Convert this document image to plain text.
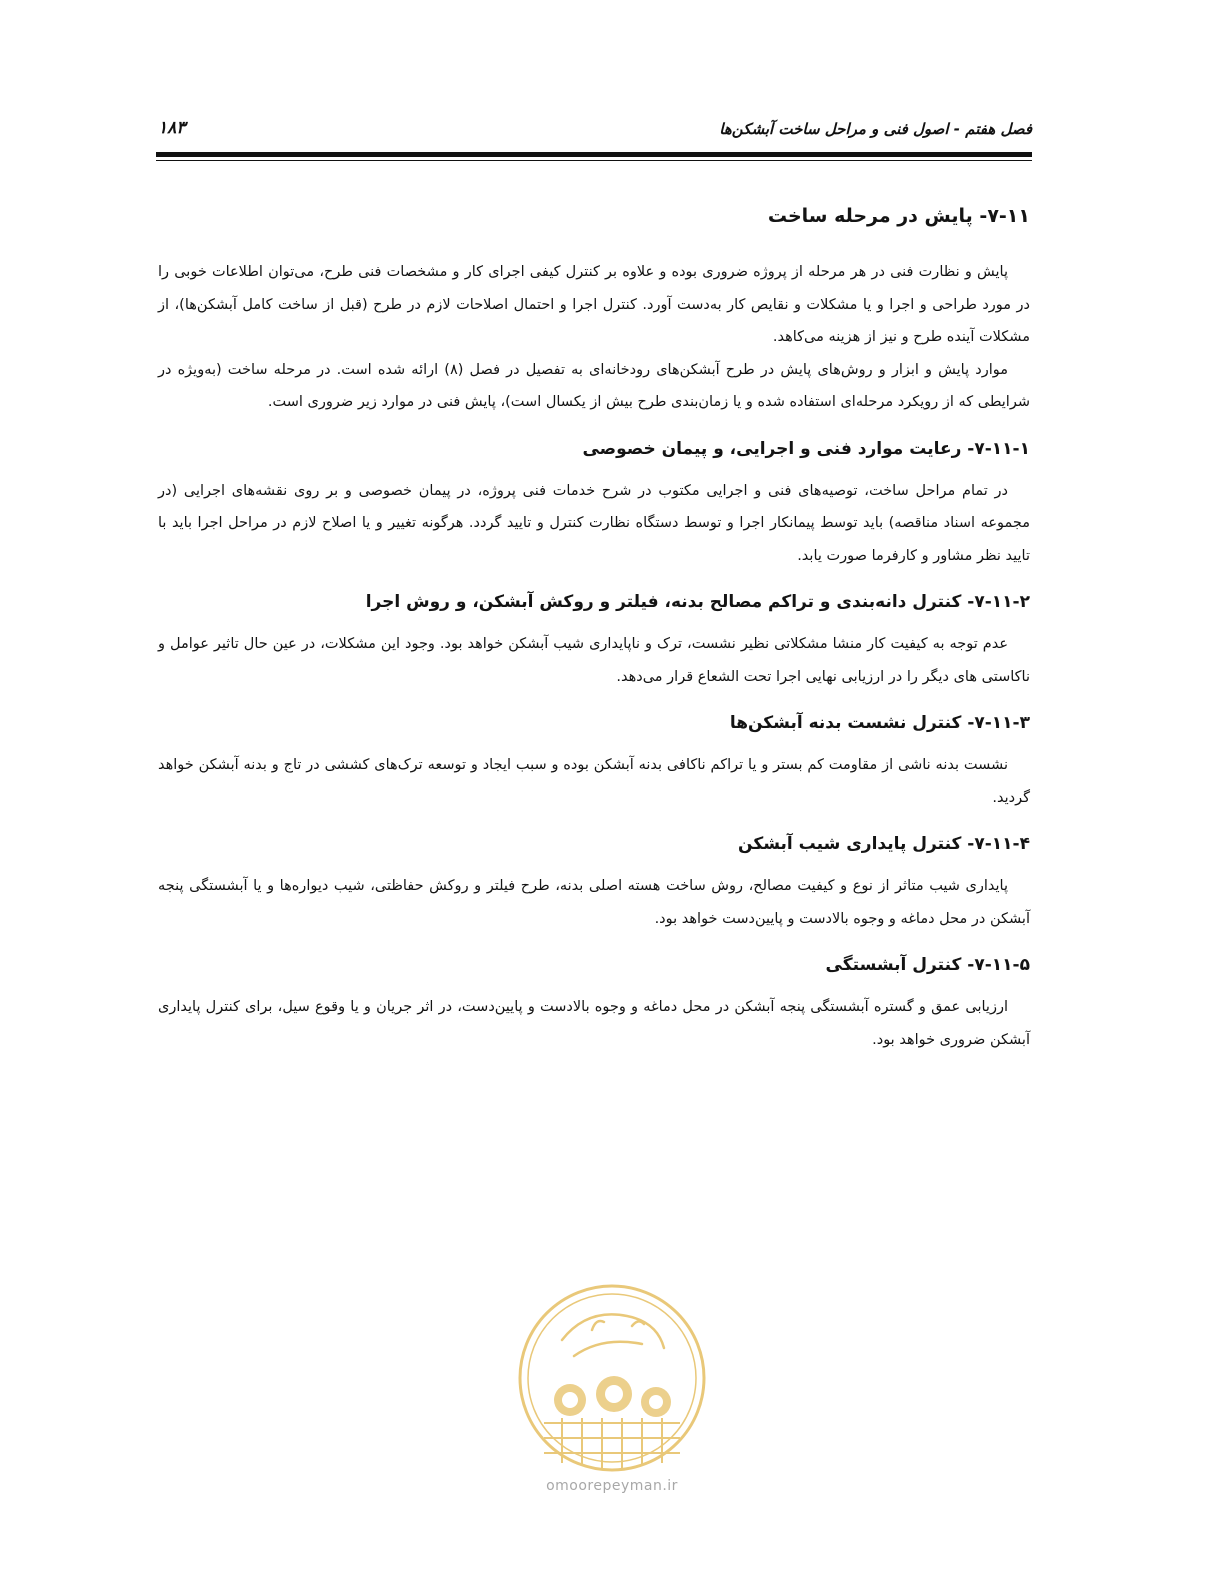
فصل هفتم - اصول فنی و مراحل ساخت آبشکن‌ها
۱۸۳
۷-۱۱- پایش در مرحله ساخت

پایش و نظارت فنی در هر مرحله از پروژه ضروری بوده و علاوه بر کنترل کیفی اجرای کار و مشخصات فنی طرح، می‌توان اطلاعات خوبی را در مورد طراحی و اجرا و یا مشکلات و نقایص کار به‌دست آورد. کنترل اجرا و احتمال اصلاحات لازم در طرح (قبل از ساخت کامل آبشکن‌ها)، از مشکلات آینده طرح و نیز از هزینه می‌کاهد.

موارد پایش و ابزار و روش‌های پایش در طرح آبشکن‌های رودخانه‌ای به تفصیل در فصل (۸) ارائه شده است. در مرحله ساخت (به‌ویژه در شرایطی که از رویکرد مرحله‌ای استفاده شده و یا زمان‌بندی طرح بیش از یکسال است)، پایش فنی در موارد زیر ضروری است.

۷-۱۱-۱- رعایت موارد فنی و اجرایی، و پیمان خصوصی

در تمام مراحل ساخت، توصیه‌های فنی و اجرایی مکتوب در شرح خدمات فنی پروژه، در پیمان خصوصی و بر روی نقشه‌های اجرایی (در مجموعه اسناد مناقصه) باید توسط پیمانکار اجرا و توسط دستگاه نظارت کنترل و تایید گردد. هرگونه تغییر و یا اصلاح لازم در مراحل اجرا باید با تایید نظر مشاور و کارفرما صورت یابد.

۷-۱۱-۲- کنترل دانه‌بندی و تراکم مصالح بدنه، فیلتر و روکش آبشکن، و روش اجرا

عدم توجه به کیفیت کار منشا مشکلاتی نظیر نشست، ترک و ناپایداری شیب آبشکن خواهد بود. وجود این مشکلات، در عین حال تاثیر عوامل و ناکاستی های دیگر را در ارزیابی نهایی اجرا تحت الشعاع قرار می‌دهد.

۷-۱۱-۳- کنترل نشست بدنه آبشکن‌ها

نشست بدنه ناشی از مقاومت کم بستر و یا تراکم ناکافی بدنه آبشکن بوده و سبب ایجاد و توسعه ترک‌های کششی در تاج و بدنه آبشکن خواهد گردید.

۷-۱۱-۴- کنترل پایداری شیب آبشکن

پایداری شیب متاثر از نوع و کیفیت مصالح، روش ساخت هسته اصلی بدنه، طرح فیلتر و روکش حفاظتی، شیب دیواره‌ها و یا آبشستگی پنجه آبشکن در محل دماغه و وجوه بالادست و پایین‌دست خواهد بود.

۷-۱۱-۵- کنترل آبشستگی

ارزیابی عمق و گستره آبشستگی پنجه آبشکن در محل دماغه و وجوه بالادست و پایین‌دست، در اثر جریان و یا وقوع سیل، برای کنترل پایداری آبشکن ضروری خواهد بود.

omoorepeyman.ir
